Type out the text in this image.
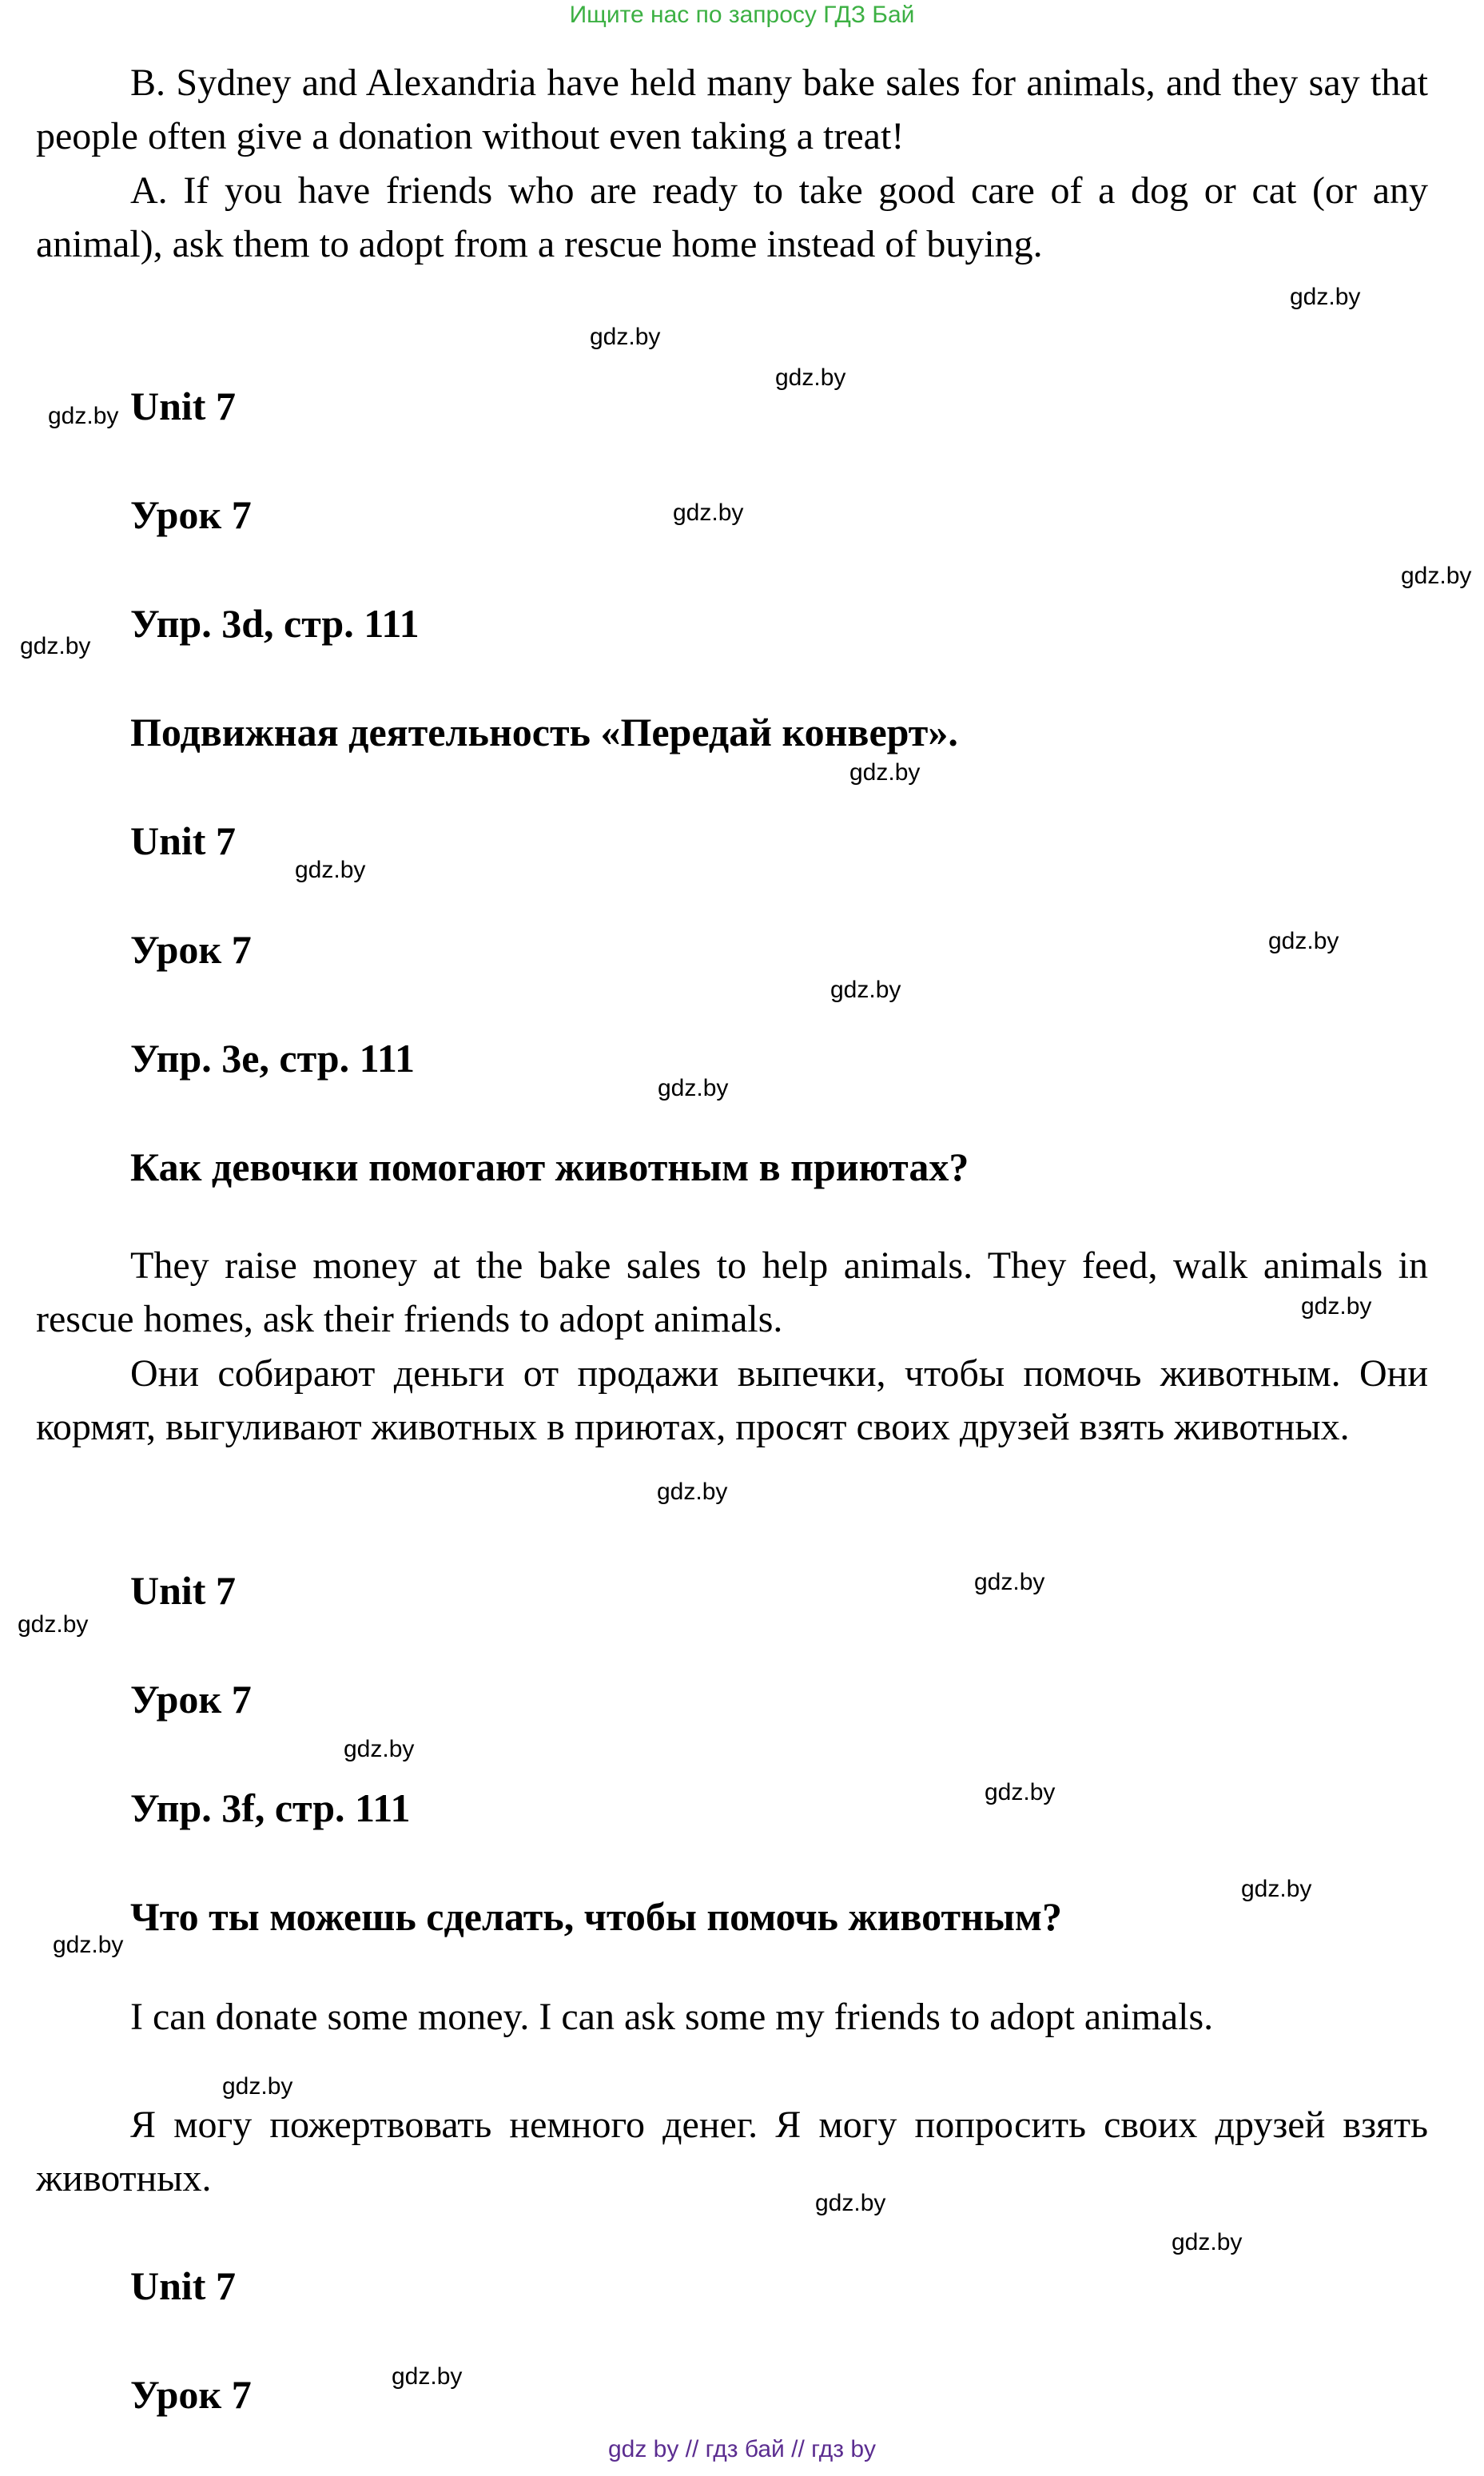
Ищите нас по запросу ГДЗ Бай

B. Sydney and Alexandria have held many bake sales for animals, and they say that people often give a donation without even taking a treat!

A. If you have friends who are ready to take good care of a dog or cat (or any animal), ask them to adopt from a rescue home instead of buying.

Unit 7
Урок 7
Упр. 3d, стр. 111
Подвижная деятельность «Передай конверт».
Unit 7
Урок 7
Упр. 3e, стр. 111
Как девочки помогают животным в приютах?

They raise money at the bake sales to help animals. They feed, walk animals in rescue homes, ask their friends to adopt animals.

Они собирают деньги от продажи выпечки, чтобы помочь животным. Они кормят, выгуливают животных в приютах, просят своих друзей взять животных.

Unit 7
Урок 7
Упр. 3f, стр. 111
Что ты можешь сделать, чтобы помочь животным?

I can donate some money. I can ask some my friends to adopt animals.

Я могу пожертвовать немного денег. Я могу попросить своих друзей взять животных.

Unit 7
Урок 7
gdz.by
gdz.by
gdz.by
gdz.by
gdz.by
gdz.by
gdz.by
gdz.by
gdz.by
gdz.by
gdz.by
gdz.by
gdz.by
gdz.by
gdz.by
gdz.by
gdz.by
gdz.by
gdz.by
gdz.by
gdz.by
gdz.by
gdz.by
gdz.by
gdz by // гдз бай // гдз by
